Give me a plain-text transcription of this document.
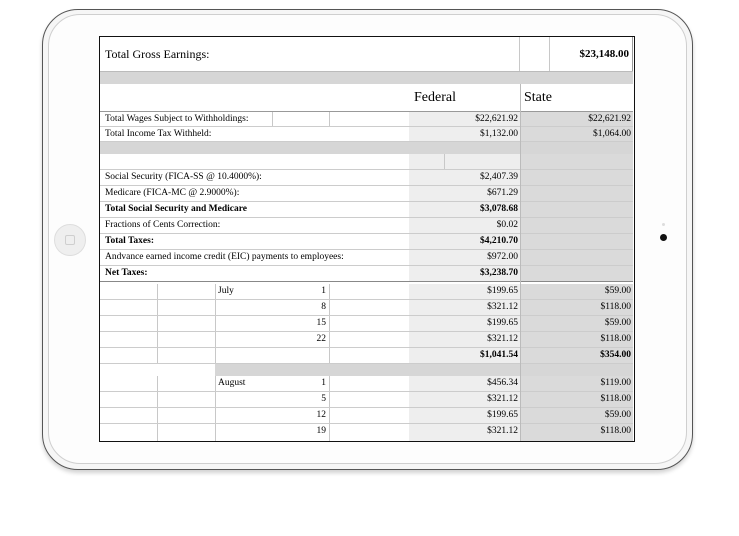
Total Gross Earnings:	$23,148.00
Federal	State
Total Wages Subject to Withholdings:	$22,621.92	$22,621.92
Total Income Tax Withheld:	$1,132.00	$1,064.00
Social Security (FICA-SS @ 10.4000%):	$2,407.39
Medicare (FICA-MC @ 2.9000%):	$671.29
Total Social Security and Medicare	$3,078.68
Fractions of Cents Correction:	$0.02
Total Taxes:	$4,210.70
Andvance earned income credit (EIC) payments to employees:	$972.00
Net Taxes:	$3,238.70
July	1	$199.65	$59.00
8	$321.12	$118.00
15	$199.65	$59.00
22	$321.12	$118.00
$1,041.54	$354.00
August	1	$456.34	$119.00
5	$321.12	$118.00
12	$199.65	$59.00
19	$321.12	$118.00
